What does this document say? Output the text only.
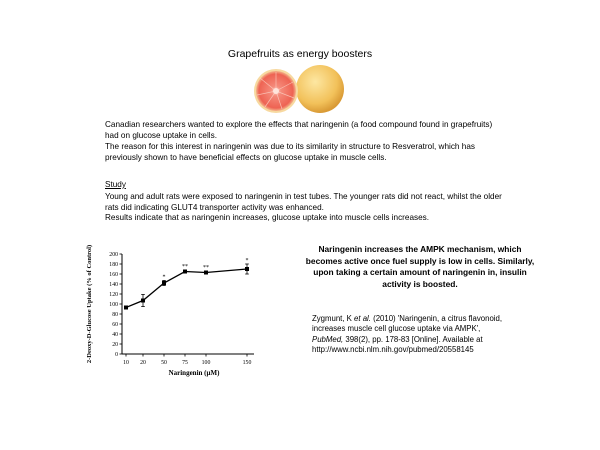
Grapefruits as energy boosters

Canadian researchers wanted to explore the effects that naringenin (a food compound found in grapefruits) had on glucose uptake in cells.

The reason for this interest in naringenin was due to its similarity in structure to Resveratrol, which has previously shown to have beneficial effects on glucose uptake in muscle cells.

Study

Young and adult rats were exposed to naringenin in test tubes. The younger rats did not react, whilst the older rats did indicating GLUT4 transporter activity was enhanced.

Results indicate that as naringenin increases, glucose uptake into muscle cells increases.

Naringenin increases the AMPK mechanism, which becomes active once fuel supply is low in cells. Similarly, upon taking a certain amount of naringenin in, insulin activity is boosted.
Zygmunt, K et al. (2010) 'Naringenin, a citrus flavonoid, increases muscle cell glucose uptake via AMPK', PubMed, 398(2), pp. 178-83 [Online]. Available at http://www.ncbi.nlm.nih.gov/pubmed/20558145
0
20
40
60
80
100
120
140
160
180
200
10 20	50	75 100	150
*
**	**
*
2-Deoxy-D-Glucose Uptake (% of Control)
Naringenin (μM)
